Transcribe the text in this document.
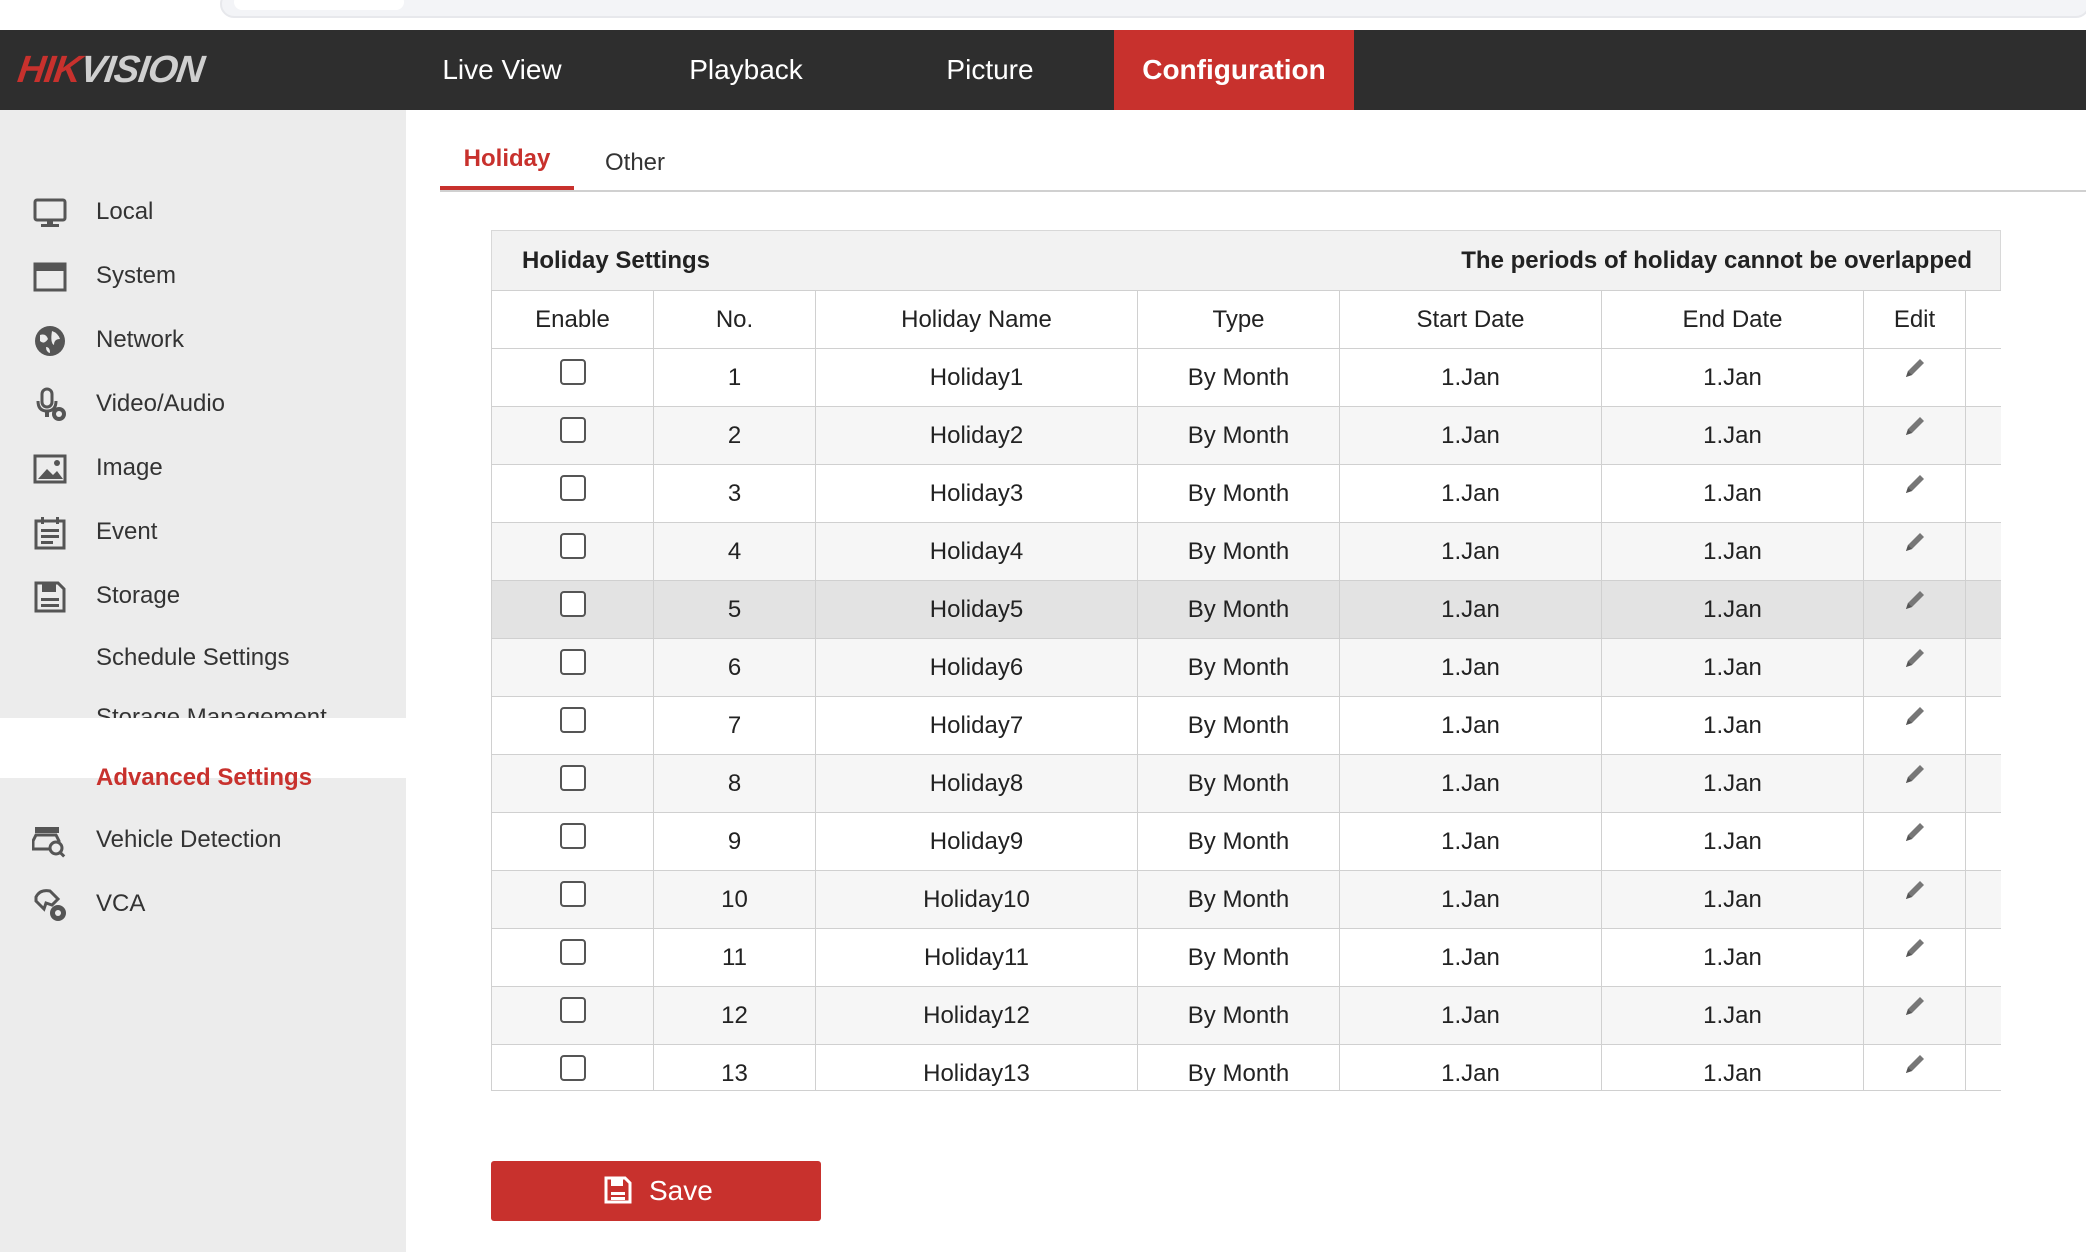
HIKVISION	Live View	Playback	Picture	Configuration
Local
System
Network
Video/Audio
Image
Event
Storage
Schedule Settings
Advanced Settings
Vehicle Detection
VCA
Holiday	Other
Holiday Settings	The periods of holiday cannot be overlapped
Enable	No.	Holiday Name	Type	Start Date	End Date	Edit	
	1	Holiday1	By Month	1.Jan	1.Jan		
	2	Holiday2	By Month	1.Jan	1.Jan		
	3	Holiday3	By Month	1.Jan	1.Jan		
	4	Holiday4	By Month	1.Jan	1.Jan		
	5	Holiday5	By Month	1.Jan	1.Jan		
	6	Holiday6	By Month	1.Jan	1.Jan		
	7	Holiday7	By Month	1.Jan	1.Jan		
	8	Holiday8	By Month	1.Jan	1.Jan		
	9	Holiday9	By Month	1.Jan	1.Jan		
	10	Holiday10	By Month	1.Jan	1.Jan		
	11	Holiday11	By Month	1.Jan	1.Jan		
	12	Holiday12	By Month	1.Jan	1.Jan		
	13	Holiday13	By Month	1.Jan	1.Jan		
Save
